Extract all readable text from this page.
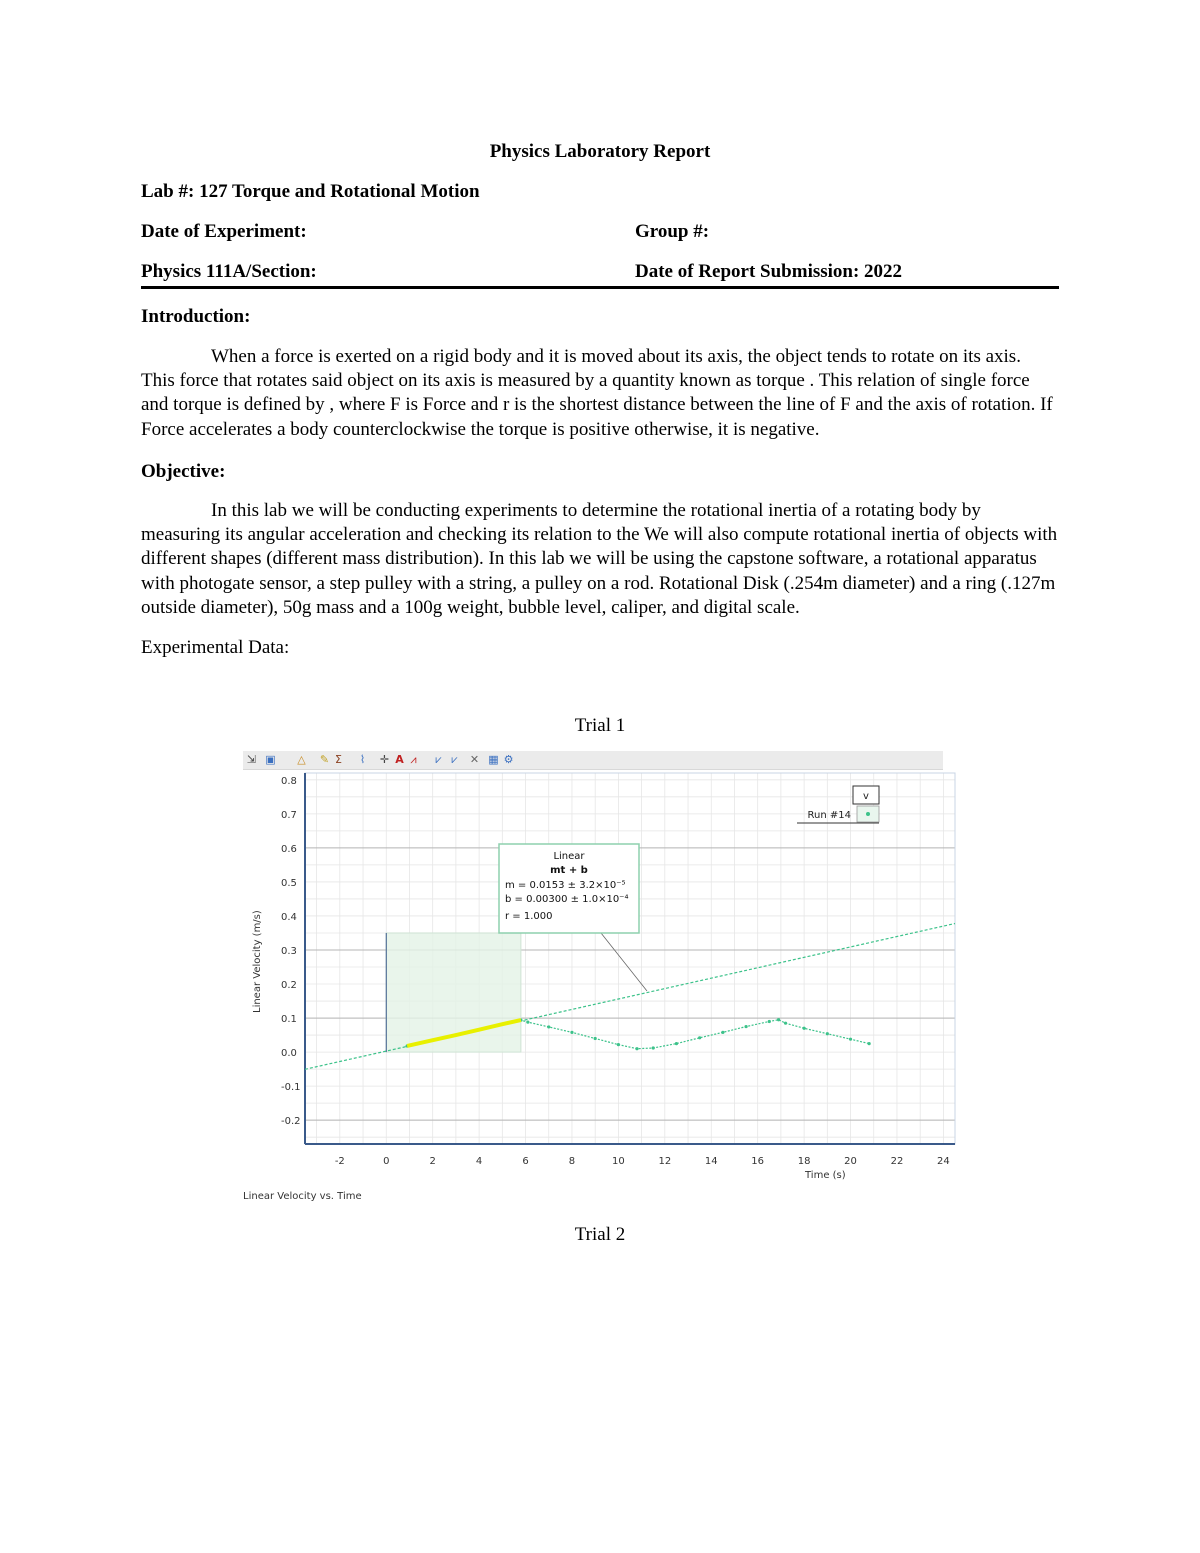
Physics Laboratory Report
Lab #: 127 Torque and Rotational Motion
Date of Experiment:	Group #:
Physics 111A/Section:	Date of Report Submission: 2022
Introduction:
When a force is exerted on a rigid body and it is moved about its axis, the object tends to rotate on its axis. This force that rotates said object on its axis is measured by a quantity known as torque . This relation of single force and torque is defined by , where F is Force and r is the shortest distance between the line of F and the axis of rotation. If Force accelerates a body counterclockwise the torque is positive otherwise, it is negative.
Objective:
In this lab we will be conducting experiments to determine the rotational inertia of a rotating body by measuring its angular acceleration and checking its relation to the We will also compute rotational inertia of objects with different shapes (different mass distribution). In this lab we will be using the capstone software, a rotational apparatus with photogate sensor, a step pulley with a string, a pulley on a rod. Rotational Disk (.254m diameter) and a ring (.127m outside diameter), 50g mass and a 100g weight, bubble level, caliper, and digital scale.
Experimental Data:
Trial 1
⇲ ▣ △ ✎ Σ ⌇ ✛ A ⩘ ⩗ ⩗ ✕ ▦ ⚙
-2	0	2	4	6	8	10	12	14	16	18	20	22	24
0.8
0.7
0.6
0.5
0.4
0.3
0.2
0.1
0.0
-0.1
-0.2
Linear
mt + b
m = 0.0153 ± 3.2×10⁻⁵
b = 0.00300 ± 1.0×10⁻⁴
r = 1.000
v
Run #14
Time (s)
Linear Velocity (m/s)
Linear Velocity vs. Time
Trial 2
